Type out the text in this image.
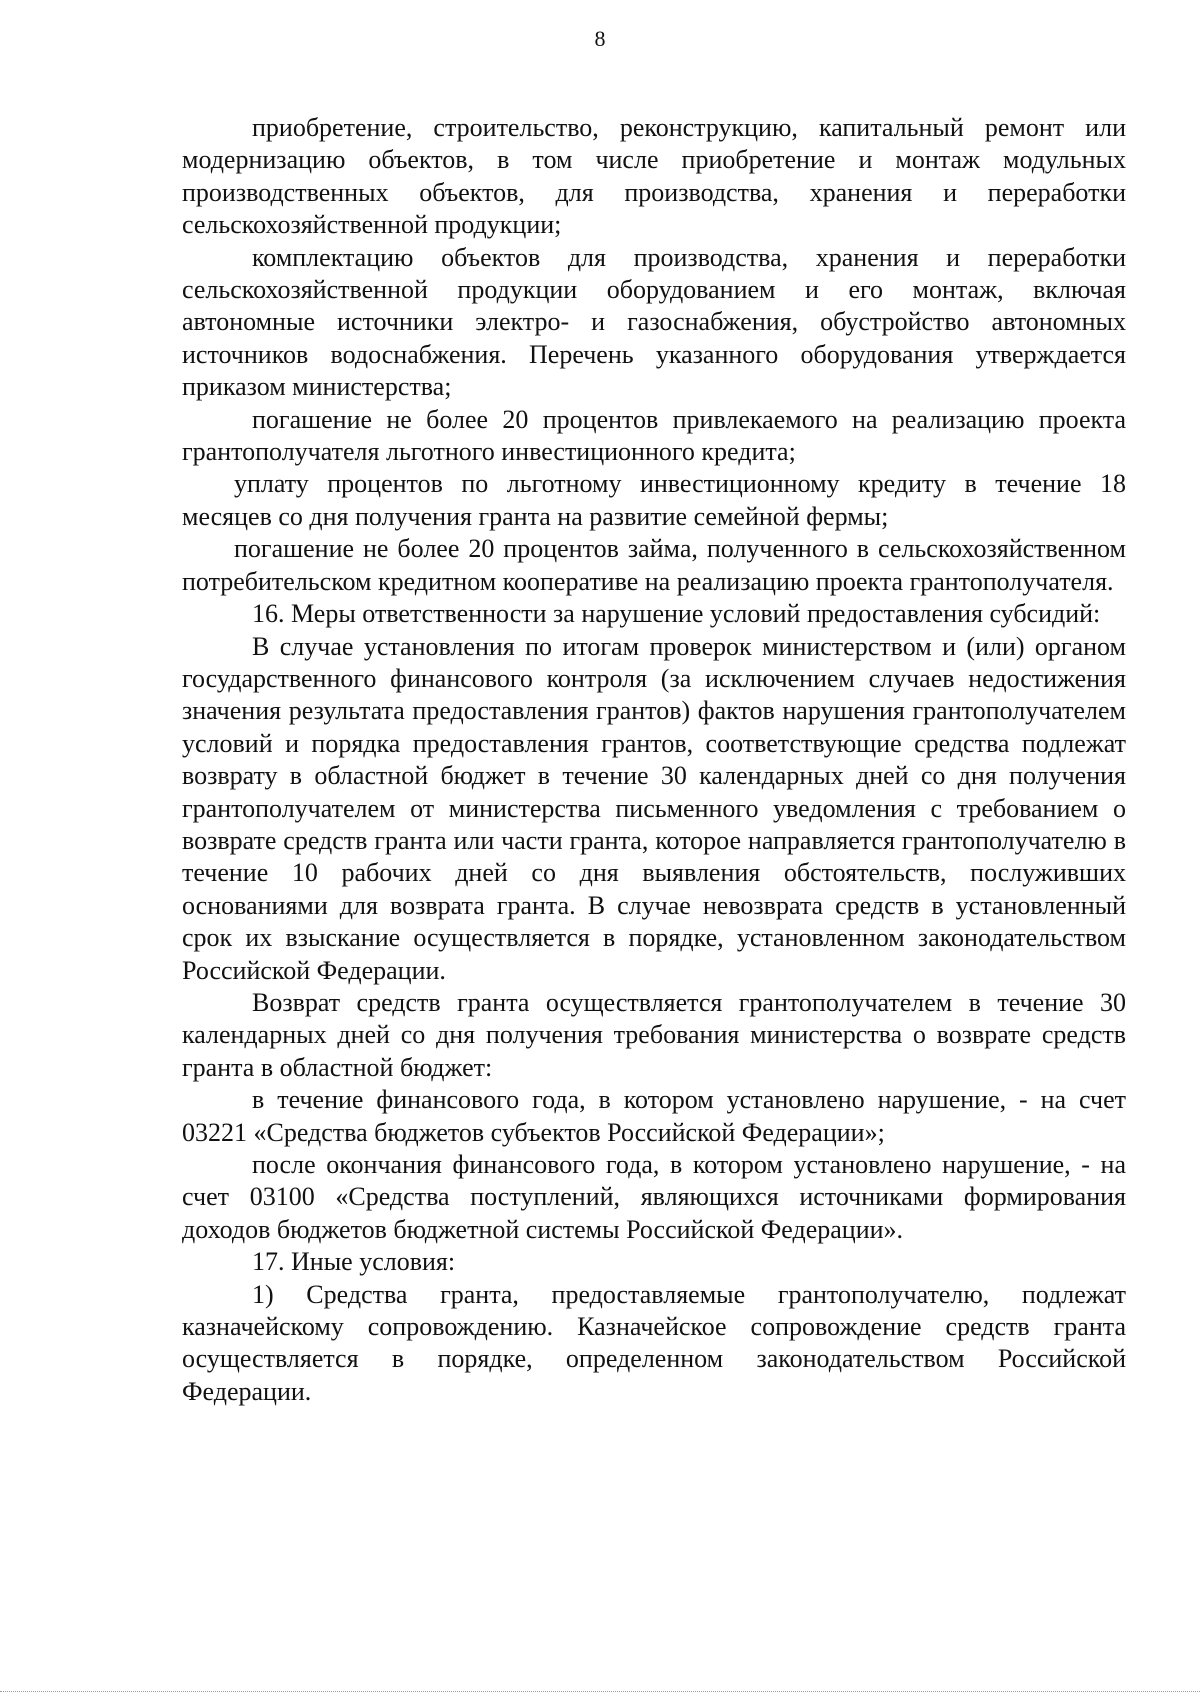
8

приобретение, строительство, реконструкцию, капитальный ремонт или модернизацию объектов, в том числе приобретение и монтаж модульных производственных объектов, для производства, хранения и переработки сельскохозяйственной продукции;

комплектацию объектов для производства, хранения и переработки сельскохозяйственной продукции оборудованием и его монтаж, включая автономные источники электро- и газоснабжения, обустройство автономных источников водоснабжения. Перечень указанного оборудования утверждается приказом министерства;

погашение не более 20 процентов привлекаемого на реализацию проекта грантополучателя льготного инвестиционного кредита;

уплату процентов по льготному инвестиционному кредиту в течение 18 месяцев со дня получения гранта на развитие семейной фермы;

погашение не более 20 процентов займа, полученного в сельскохозяйственном потребительском кредитном кооперативе на реализацию проекта грантополучателя.

16. Меры ответственности за нарушение условий предоставления субсидий:

В случае установления по итогам проверок министерством и (или) органом государственного финансового контроля (за исключением случаев недостижения значения результата предоставления грантов) фактов нарушения грантополучателем условий и порядка предоставления грантов, соответствующие средства подлежат возврату в областной бюджет в течение 30 календарных дней со дня получения грантополучателем от министерства письменного уведомления с требованием о возврате средств гранта или части гранта, которое направляется грантополучателю в течение 10 рабочих дней со дня выявления обстоятельств, послуживших основаниями для возврата гранта. В случае невозврата средств в установленный срок их взыскание осуществляется в порядке, установленном законодательством Российской Федерации.

Возврат средств гранта осуществляется грантополучателем в течение 30 календарных дней со дня получения требования министерства о возврате средств гранта в областной бюджет:

в течение финансового года, в котором установлено нарушение, - на счет 03221 «Средства бюджетов субъектов Российской Федерации»;

после окончания финансового года, в котором установлено нарушение, - на счет 03100 «Средства поступлений, являющихся источниками формирования доходов бюджетов бюджетной системы Российской Федерации».

17. Иные условия:

1) Средства гранта, предоставляемые грантополучателю, подлежат казначейскому сопровождению. Казначейское сопровождение средств гранта осуществляется в порядке, определенном законодательством Российской Федерации.
